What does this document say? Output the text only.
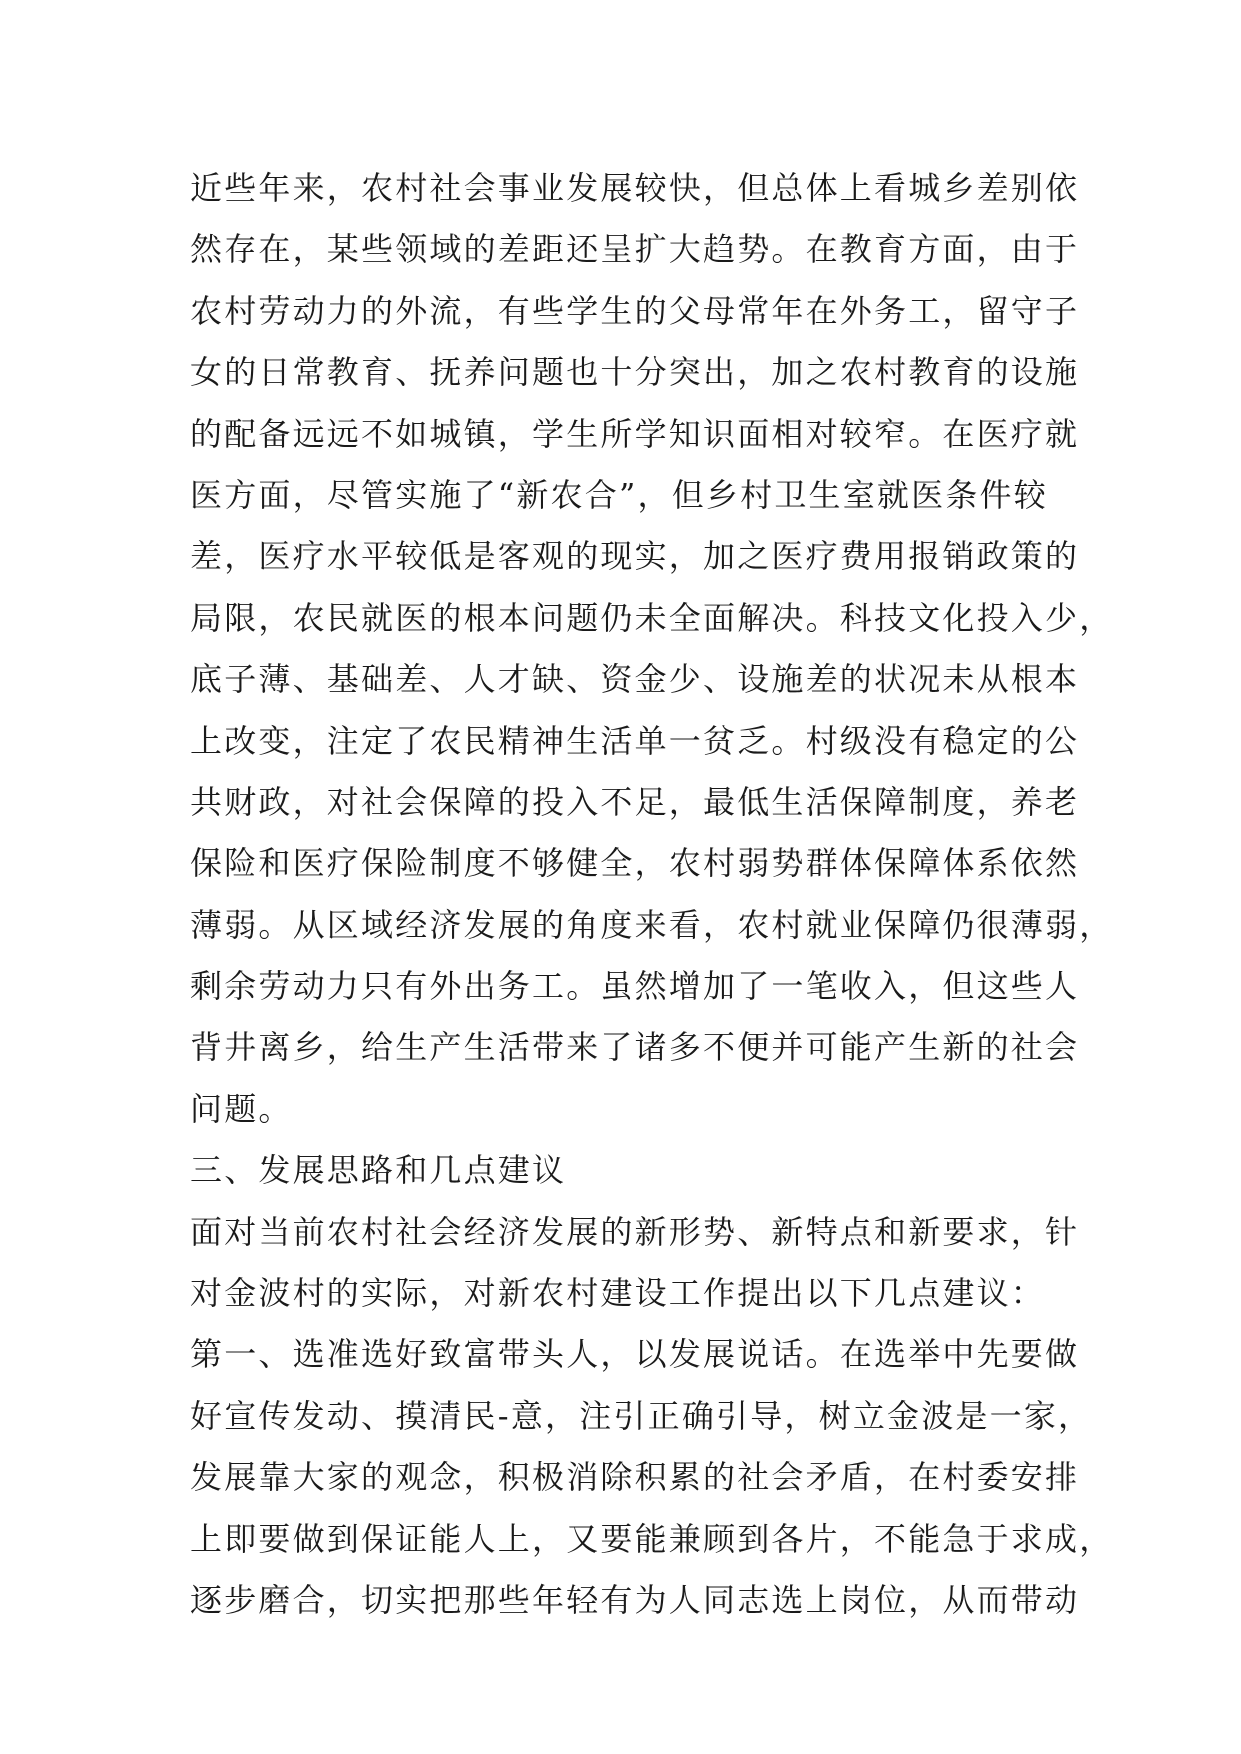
近些年来，农村社会事业发展较快，但总体上看城乡差别依
然存在，某些领域的差距还呈扩大趋势。在教育方面，由于
农村劳动力的外流，有些学生的父母常年在外务工，留守子
女的日常教育、抚养问题也十分突出，加之农村教育的设施
的配备远远不如城镇，学生所学知识面相对较窄。在医疗就
医方面，尽管实施了“新农合”，但乡村卫生室就医条件较
差，医疗水平较低是客观的现实，加之医疗费用报销政策的
局限，农民就医的根本问题仍未全面解决。科技文化投入少，
底子薄、基础差、人才缺、资金少、设施差的状况未从根本
上改变，注定了农民精神生活单一贫乏。村级没有稳定的公
共财政，对社会保障的投入不足，最低生活保障制度，养老
保险和医疗保险制度不够健全，农村弱势群体保障体系依然
薄弱。从区域经济发展的角度来看，农村就业保障仍很薄弱，
剩余劳动力只有外出务工。虽然增加了一笔收入，但这些人
背井离乡，给生产生活带来了诸多不便并可能产生新的社会
问题。
三、发展思路和几点建议
面对当前农村社会经济发展的新形势、新特点和新要求，针
对金波村的实际，对新农村建设工作提出以下几点建议：
第一、选准选好致富带头人，以发展说话。在选举中先要做
好宣传发动、摸清民-意，注引正确引导，树立金波是一家，
发展靠大家的观念，积极消除积累的社会矛盾，在村委安排
上即要做到保证能人上，又要能兼顾到各片，不能急于求成，
逐步磨合，切实把那些年轻有为人同志选上岗位，从而带动
